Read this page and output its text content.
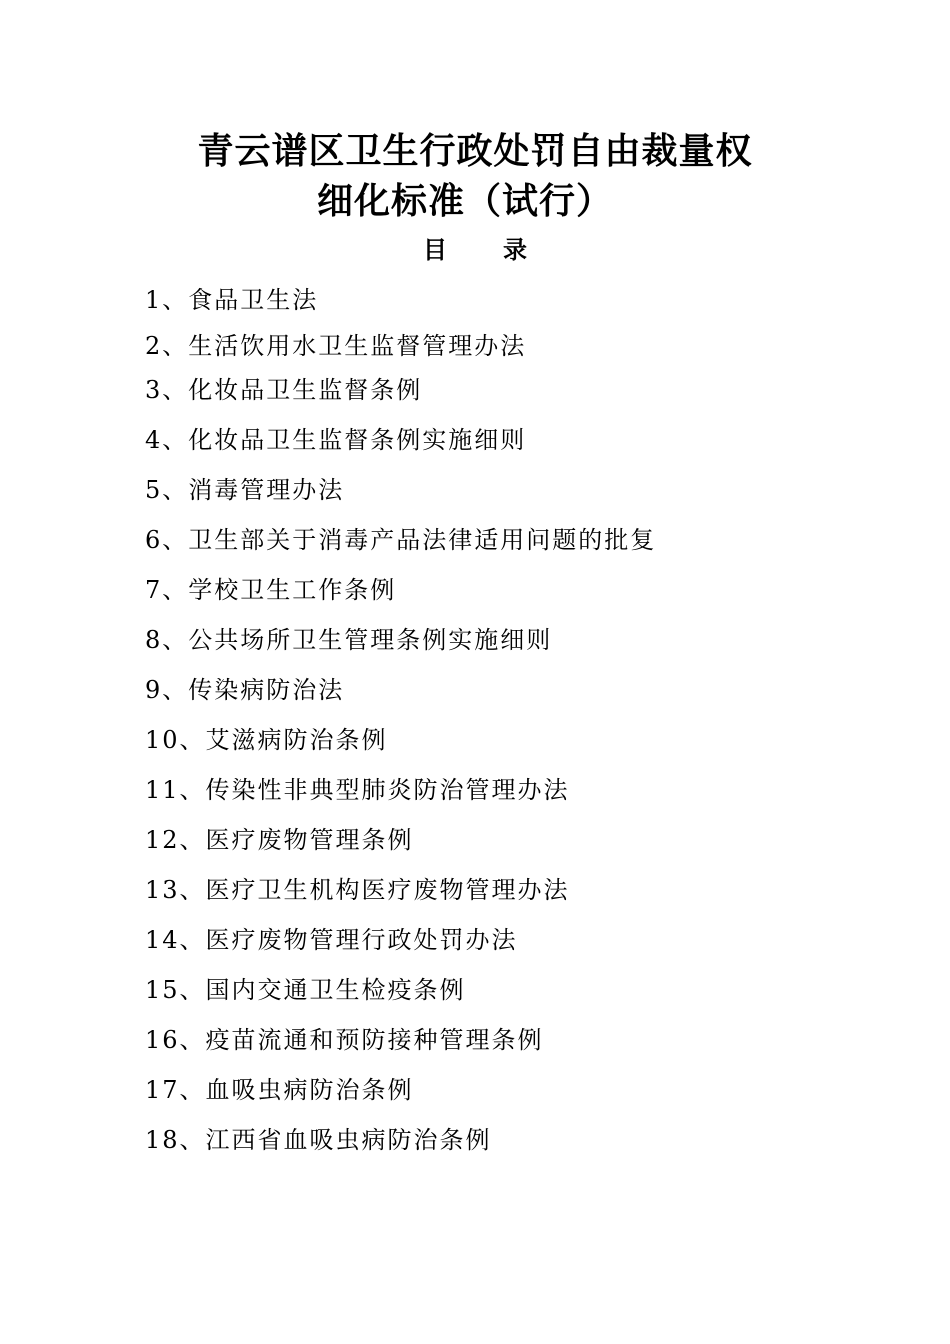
青云谱区卫生行政处罚自由裁量权
细化标准（试行）
目 录
1、食品卫生法
2、生活饮用水卫生监督管理办法
3、化妆品卫生监督条例
4、化妆品卫生监督条例实施细则
5、消毒管理办法
6、卫生部关于消毒产品法律适用问题的批复
7、学校卫生工作条例
8、公共场所卫生管理条例实施细则
9、传染病防治法
10、艾滋病防治条例
11、传染性非典型肺炎防治管理办法
12、医疗废物管理条例
13、医疗卫生机构医疗废物管理办法
14、医疗废物管理行政处罚办法
15、国内交通卫生检疫条例
16、疫苗流通和预防接种管理条例
17、血吸虫病防治条例
18、江西省血吸虫病防治条例
